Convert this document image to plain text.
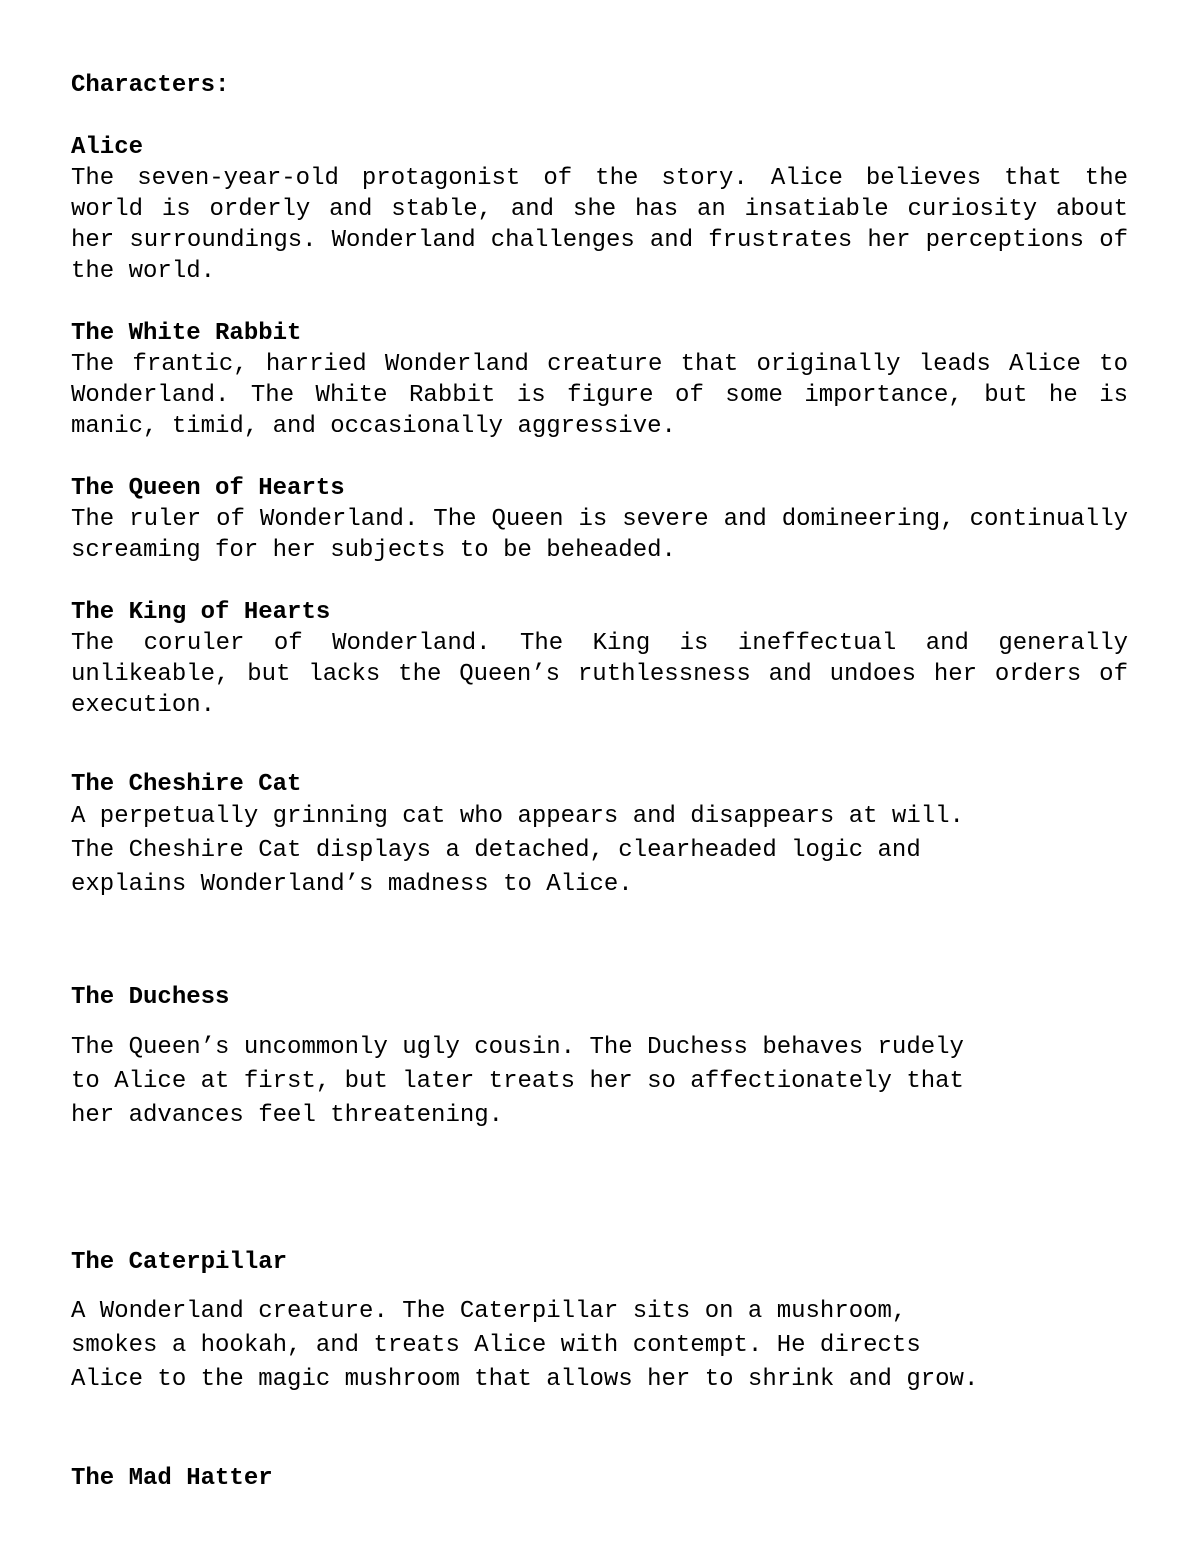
Characters:
Alice
The seven-year-old protagonist of the story. Alice believes that the world is orderly and stable, and she has an insatiable curiosity about her surroundings. Wonderland challenges and frustrates her perceptions of the world.
The White Rabbit
The frantic, harried Wonderland creature that originally leads Alice to Wonderland. The White Rabbit is figure of some importance, but he is manic, timid, and occasionally aggressive.
The Queen of Hearts
The ruler of Wonderland. The Queen is severe and domineering, continually screaming for her subjects to be beheaded.
The King of Hearts
The coruler of Wonderland. The King is ineffectual and generally unlikeable, but lacks the Queen’s ruthlessness and undoes her orders of execution.
The Cheshire Cat
A perpetually grinning cat who appears and disappears at will.
The Cheshire Cat displays a detached, clearheaded logic and
explains Wonderland’s madness to Alice.
The Duchess
The Queen’s uncommonly ugly cousin. The Duchess behaves rudely
to Alice at first, but later treats her so affectionately that
her advances feel threatening.
The Caterpillar
A Wonderland creature. The Caterpillar sits on a mushroom,
smokes a hookah, and treats Alice with contempt. He directs
Alice to the magic mushroom that allows her to shrink and grow.
The Mad Hatter
